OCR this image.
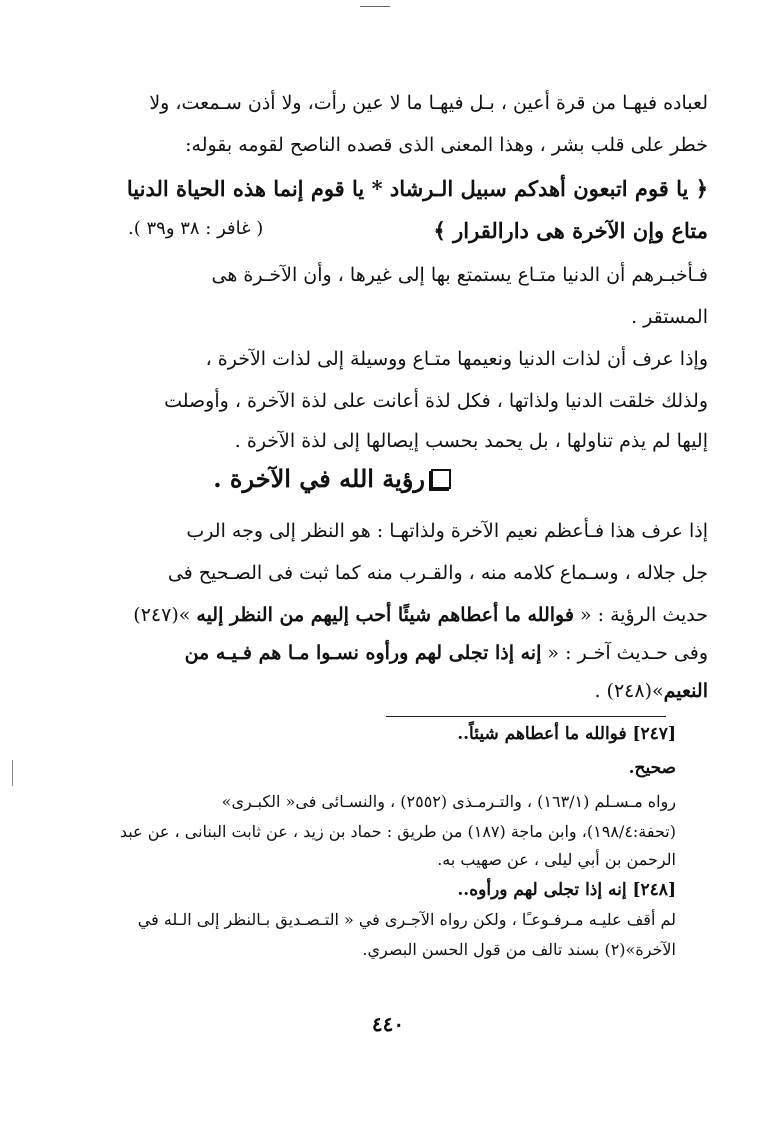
لعباده فيهـا من قرة أعين ، بـل فيهـا ما لا عين رأت، ولا أذن سـمعت، ولا
خطر على قلب بشر ، وهذا المعنى الذى قصده الناصح لقومه بقوله:
﴿ يا قوم اتبعون أهدكم سبيل الـرشاد * يا قوم إنما هذه الحياة الدنيا
متاع وإن الآخرة هى دارالقرار ﴾
( غافر : ٣٨ و٣٩ ).
فـأخبـرهم أن الدنيا متـاع يستمتع بها إلى غيرها ، وأن الآخـرة هى
المستقر .
وإذا عرف أن لذات الدنيا ونعيمها متـاع ووسيلة إلى لذات الآخرة ،
ولذلك خلقت الدنيا ولذاتها ، فكل لذة أعانت على لذة الآخرة ، وأوصلت
إليها لم يذم تناولها ، بل يحمد بحسب إيصالها إلى لذة الآخرة .
رؤية الله في الآخرة .
إذا عرف هذا فـأعظم نعيم الآخرة ولذاتهـا : هو النظر إلى وجه الرب
جل جلاله ، وسـماع كلامه منه ، والقـرب منه كما ثبت فى الصـحيح فى
حديث الرؤية : « فوالله ما أعطاهم شيئًا أحب إليهم من النظر إليه »(٢٤٧)
وفى حـديث آخـر : « إنه إذا تجلى لهم ورأوه نسـوا مـا هم فـيـه من
النعيم»(٢٤٨) .
[٢٤٧] فوالله ما أعطاهم شيئاً..
صحيح.
رواه مـسـلم (١٦٣/١) ، والتـرمـذى (٢٥٥٢) ، والنسـائى فى« الكبـرى»
(تحفة:١٩٨/٤)، وابن ماجة (١٨٧) من طريق : حماد بن زيد ، عن ثابت البنانى ، عن عبد
الرحمن بن أبي ليلى ، عن صهيب به.
[٢٤٨] إنه إذا تجلى لهم ورأوه..
لم أقف عليـه مـرفـوعـًا ، ولكن رواه الآجـرى في « التـصـديق بـالنظر إلى الـله في
الآخرة»(٢) بسند تالف من قول الحسن البصري.
٤٤٠
